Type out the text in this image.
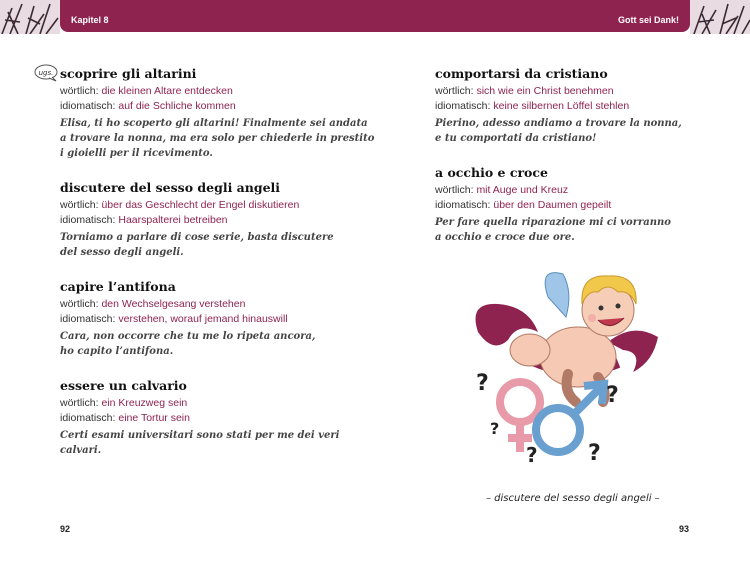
Kapitel 8	Gott sei Dank!
ugs. scoprire gli altarini
wörtlich: die kleinen Altare entdecken
idiomatisch: auf die Schliche kommen
Elisa, ti ho scoperto gli altarini! Finalmente sei andata
a trovare la nonna, ma era solo per chiederle in prestito
i gioielli per il ricevimento.
discutere del sesso degli angeli
wörtlich: über das Geschlecht der Engel diskutieren
idiomatisch: Haarspalterei betreiben
Torniamo a parlare di cose serie, basta discutere
del sesso degli angeli.
capire l’antifona
wörtlich: den Wechselgesang verstehen
idiomatisch: verstehen, worauf jemand hinauswill
Cara, non occorre che tu me lo ripeta ancora,
ho capito l’antifona.
essere un calvario
wörtlich: ein Kreuzweg sein
idiomatisch: eine Tortur sein
Certi esami universitari sono stati per me dei veri calvari.
comportarsi da cristiano
wörtlich: sich wie ein Christ benehmen
idiomatisch: keine silbernen Löffel stehlen
Pierino, adesso andiamo a trovare la nonna,
e tu comportati da cristiano!
a occhio e croce
wörtlich: mit Auge und Kreuz
idiomatisch: über den Daumen gepeilt
Per fare quella riparazione mi ci vorranno
a occhio e croce due ore.
?	?
?
? ?
– discutere del sesso degli angeli –
92	93
